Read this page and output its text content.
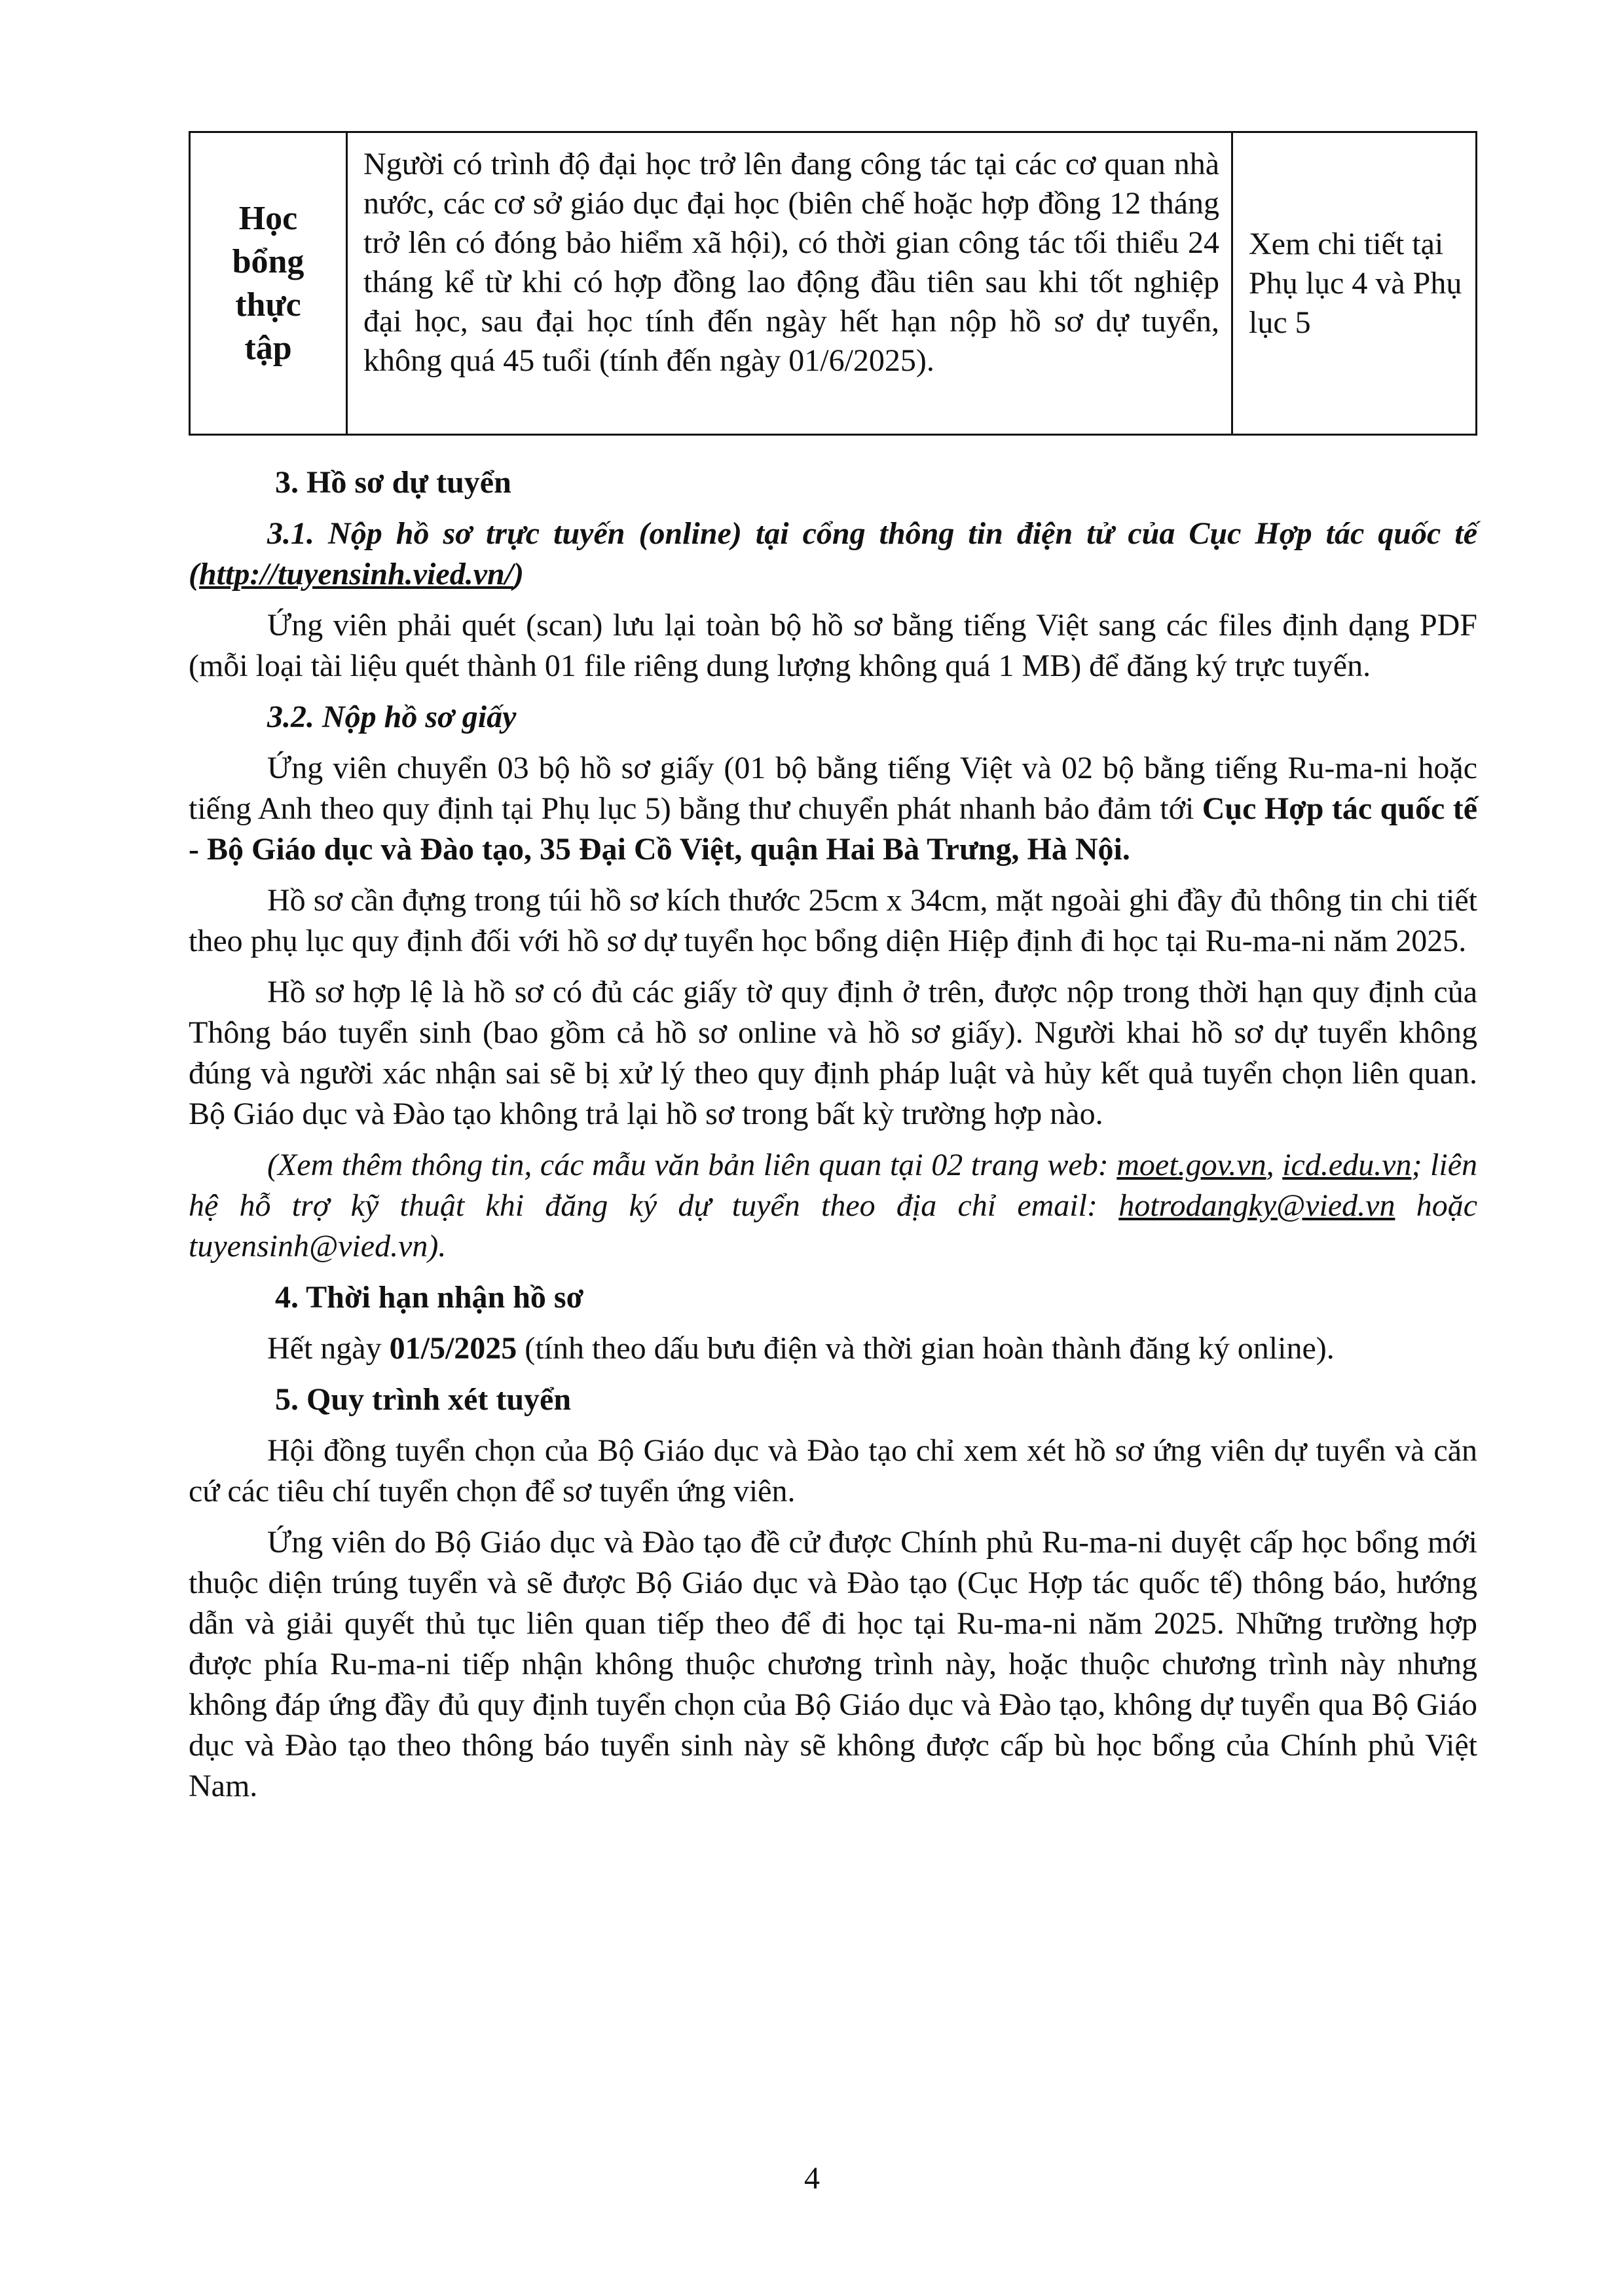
Học bổng thực tập
Người có trình độ đại học trở lên đang công tác tại các cơ quan nhà nước, các cơ sở giáo dục đại học (biên chế hoặc hợp đồng 12 tháng trở lên có đóng bảo hiểm xã hội), có thời gian công tác tối thiểu 24 tháng kể từ khi có hợp đồng lao động đầu tiên sau khi tốt nghiệp đại học, sau đại học tính đến ngày hết hạn nộp hồ sơ dự tuyển, không quá 45 tuổi (tính đến ngày 01/6/2025).
Xem chi tiết tại Phụ lục 4 và Phụ lục 5

3. Hồ sơ dự tuyển

3.1. Nộp hồ sơ trực tuyến (online) tại cổng thông tin điện tử của Cục Hợp tác quốc tế (http://tuyensinh.vied.vn/)

Ứng viên phải quét (scan) lưu lại toàn bộ hồ sơ bằng tiếng Việt sang các files định dạng PDF (mỗi loại tài liệu quét thành 01 file riêng dung lượng không quá 1 MB) để đăng ký trực tuyến.

3.2. Nộp hồ sơ giấy

Ứng viên chuyển 03 bộ hồ sơ giấy (01 bộ bằng tiếng Việt và 02 bộ bằng tiếng Ru-ma-ni hoặc tiếng Anh theo quy định tại Phụ lục 5) bằng thư chuyển phát nhanh bảo đảm tới Cục Hợp tác quốc tế - Bộ Giáo dục và Đào tạo, 35 Đại Cồ Việt, quận Hai Bà Trưng, Hà Nội.

Hồ sơ cần đựng trong túi hồ sơ kích thước 25cm x 34cm, mặt ngoài ghi đầy đủ thông tin chi tiết theo phụ lục quy định đối với hồ sơ dự tuyển học bổng diện Hiệp định đi học tại Ru-ma-ni năm 2025.

Hồ sơ hợp lệ là hồ sơ có đủ các giấy tờ quy định ở trên, được nộp trong thời hạn quy định của Thông báo tuyển sinh (bao gồm cả hồ sơ online và hồ sơ giấy). Người khai hồ sơ dự tuyển không đúng và người xác nhận sai sẽ bị xử lý theo quy định pháp luật và hủy kết quả tuyển chọn liên quan. Bộ Giáo dục và Đào tạo không trả lại hồ sơ trong bất kỳ trường hợp nào.

(Xem thêm thông tin, các mẫu văn bản liên quan tại 02 trang web: moet.gov.vn, icd.edu.vn; liên hệ hỗ trợ kỹ thuật khi đăng ký dự tuyển theo địa chỉ email: hotrodangky@vied.vn hoặc tuyensinh@vied.vn).

4. Thời hạn nhận hồ sơ

Hết ngày 01/5/2025 (tính theo dấu bưu điện và thời gian hoàn thành đăng ký online).

5. Quy trình xét tuyển

Hội đồng tuyển chọn của Bộ Giáo dục và Đào tạo chỉ xem xét hồ sơ ứng viên dự tuyển và căn cứ các tiêu chí tuyển chọn để sơ tuyển ứng viên.

Ứng viên do Bộ Giáo dục và Đào tạo đề cử được Chính phủ Ru-ma-ni duyệt cấp học bổng mới thuộc diện trúng tuyển và sẽ được Bộ Giáo dục và Đào tạo (Cục Hợp tác quốc tế) thông báo, hướng dẫn và giải quyết thủ tục liên quan tiếp theo để đi học tại Ru-ma-ni năm 2025. Những trường hợp được phía Ru-ma-ni tiếp nhận không thuộc chương trình này, hoặc thuộc chương trình này nhưng không đáp ứng đầy đủ quy định tuyển chọn của Bộ Giáo dục và Đào tạo, không dự tuyển qua Bộ Giáo dục và Đào tạo theo thông báo tuyển sinh này sẽ không được cấp bù học bổng của Chính phủ Việt Nam.

4
